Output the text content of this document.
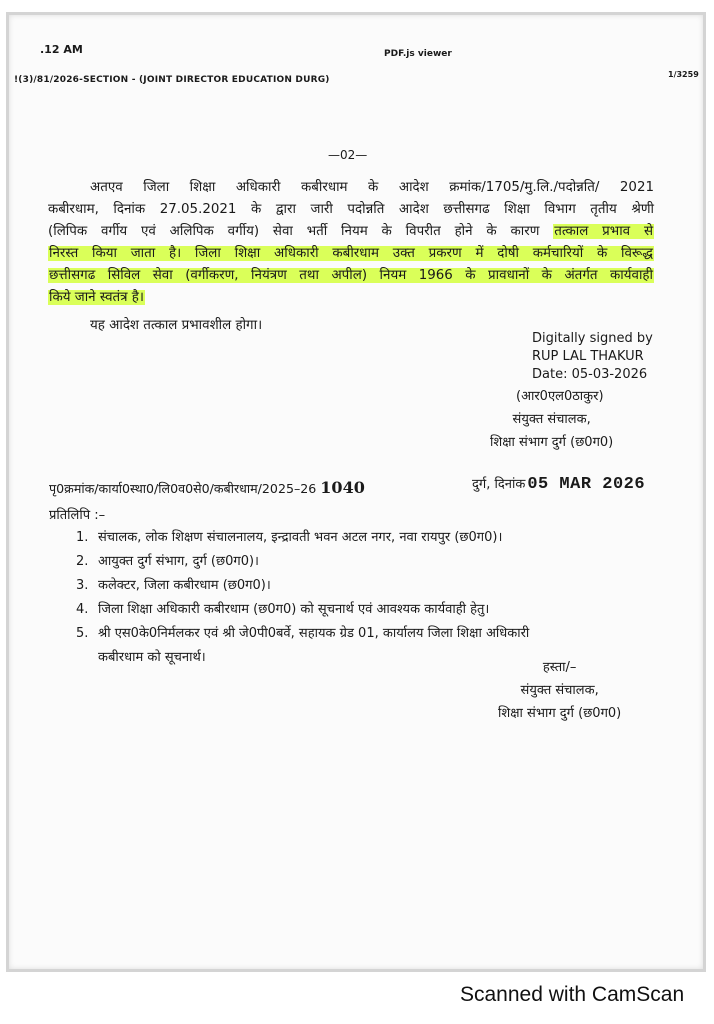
.12 AM	PDF.js viewer
!(3)/81/2026-SECTION - (JOINT DIRECTOR EDUCATION DURG)
1/3259
—02—
अतएव जिला शिक्षा अधिकारी कबीरधाम के आदेश क्रमांक/1705/मु.लि./पदोन्नति/ 2021
कबीरधाम, दिनांक 27.05.2021 के द्वारा जारी पदोन्नति आदेश छत्तीसगढ शिक्षा विभाग तृतीय श्रेणी
(लिपिक वर्गीय एवं अलिपिक वर्गीय) सेवा भर्ती नियम के विपरीत होने के कारण तत्काल प्रभाव से
निरस्त किया जाता है। जिला शिक्षा अधिकारी कबीरधाम उक्त प्रकरण में दोषी कर्मचारियों के विरूद्ध
छत्तीसगढ सिविल सेवा (वर्गीकरण, नियंत्रण तथा अपील) नियम 1966 के प्रावधानों के अंतर्गत कार्यवाही
किये जाने स्वतंत्र है।
यह आदेश तत्काल प्रभावशील होगा।
Digitally signed by
RUP LAL THAKUR
Date: 05-03-2026
(आर0एल0ठाकुर)
संयुक्त संचालक,
शिक्षा संभाग दुर्ग (छ0ग0)
पृ0क्रमांक/कार्या0स्था0/लि0व0से0/कबीरधाम/2025–26 1040	दुर्ग, दिनांक 05 MAR 2026
प्रतिलिपि :–
1. संचालक, लोक शिक्षण संचालनालय, इन्द्रावती भवन अटल नगर, नवा रायपुर (छ0ग0)।
2. आयुक्त दुर्ग संभाग, दुर्ग (छ0ग0)।
3. कलेक्टर, जिला कबीरधाम (छ0ग0)।
4. जिला शिक्षा अधिकारी कबीरधाम (छ0ग0) को सूचनार्थ एवं आवश्यक कार्यवाही हेतु।
5. श्री एस0के0निर्मलकर एवं श्री जे0पी0बर्वे, सहायक ग्रेड 01, कार्यालय जिला शिक्षा अधिकारी
कबीरधाम को सूचनार्थ।
हस्ता/–
संयुक्त संचालक,
शिक्षा संभाग दुर्ग (छ0ग0)
Scanned with CamScan
